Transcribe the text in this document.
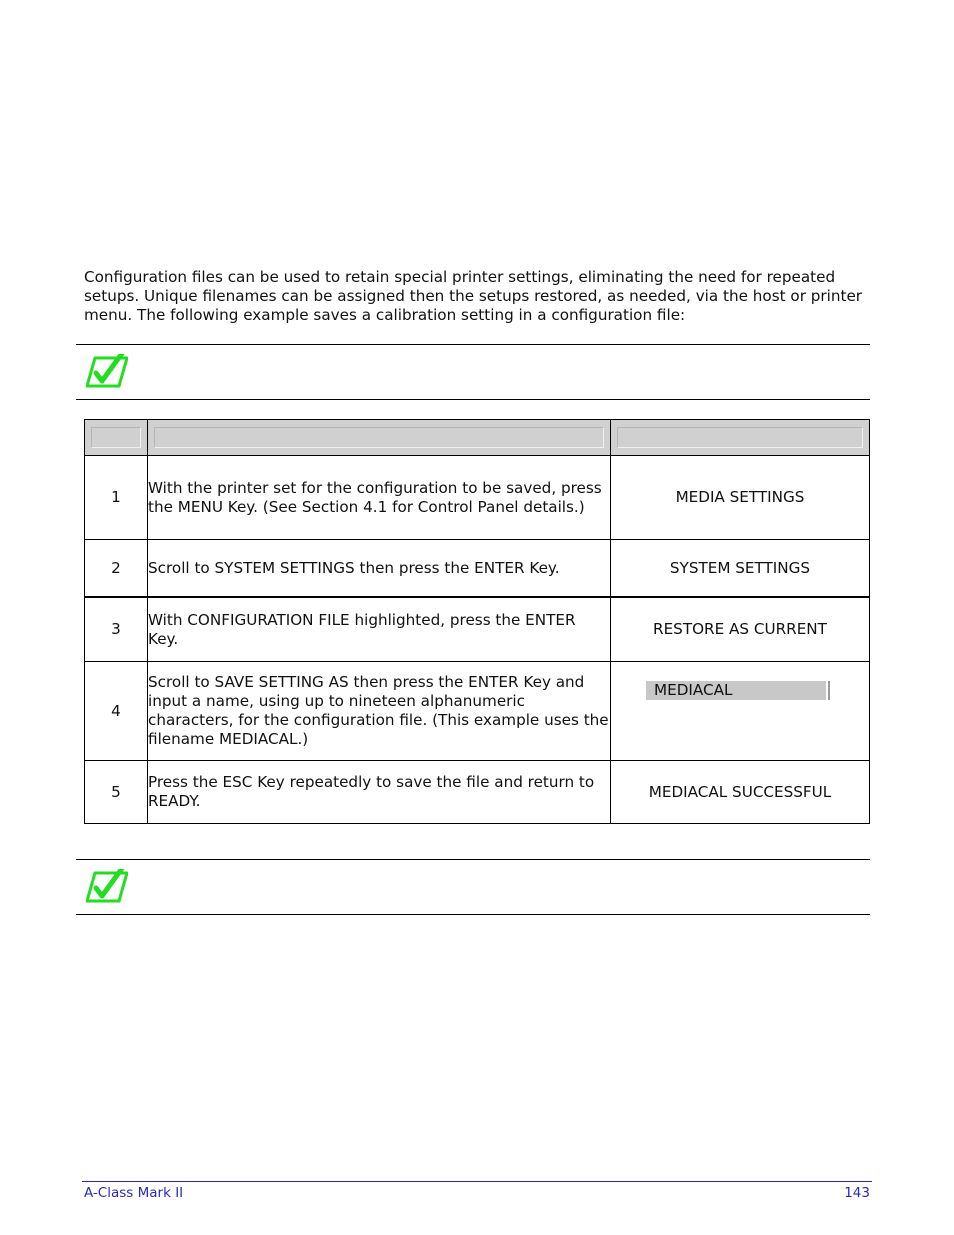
Configuration files can be used to retain special printer settings, eliminating the need for repeated setups. Unique filenames can be assigned then the setups restored, as needed, via the host or printer menu. The following example saves a calibration setting in a configuration file:

1	With the printer set for the configuration to be saved, press the MENU Key. (See Section 4.1 for Control Panel details.)	MEDIA SETTINGS
2	Scroll to SYSTEM SETTINGS then press the ENTER Key.	SYSTEM SETTINGS
3	With CONFIGURATION FILE highlighted, press the ENTER Key.	RESTORE AS CURRENT
4	Scroll to SAVE SETTING AS then press the ENTER Key and input a name, using up to nineteen alphanumeric characters, for the configuration file. (This example uses the filename MEDIACAL.)	MEDIACAL

5	Press the ESC Key repeatedly to save the file and return to READY.	MEDIACAL SUCCESSFUL
A-Class Mark II	143
